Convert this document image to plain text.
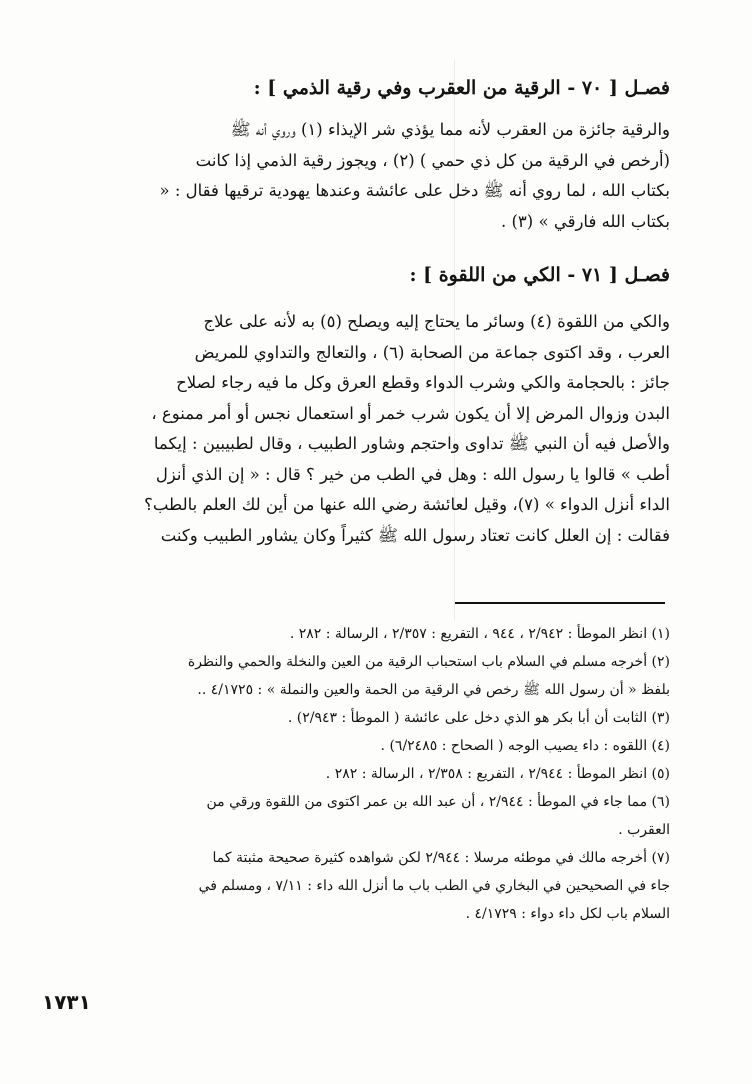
فصـل [ ٧٠ - الرقية من العقرب وفي رقية الذمي ] :
والرقية جائزة من العقرب لأنه مما يؤذي شر الإيذاء (١) وروي أنه ﷺ
(أرخص في الرقية من كل ذي حمي ) (٢) ، ويجوز رقية الذمي إذا كانت
بكتاب الله ، لما روي أنه ﷺ دخل على عائشة وعندها يهودية ترقيها فقال : «
بكتاب الله فارقي » (٣) .
فصـل [ ٧١ - الكي من اللقوة ] :
والكي من اللقوة (٤) وسائر ما يحتاج إليه ويصلح (٥) به لأنه على علاج
العرب ، وقد اكتوى جماعة من الصحابة (٦) ، والتعالج والتداوي للمريض
جائز : بالحجامة والكي وشرب الدواء وقطع العرق وكل ما فيه رجاء لصلاح
البدن وزوال المرض إلا أن يكون شرب خمر أو استعمال نجس أو أمر ممنوع ،
والأصل فيه أن النبي ﷺ تداوى واحتجم وشاور الطبيب ، وقال لطبيبين : إيكما
أطب » قالوا يا رسول الله : وهل في الطب من خير ؟ قال : « إن الذي أنزل
الداء أنزل الدواء » (٧)، وقيل لعائشة رضي الله عنها من أين لك العلم بالطب؟
فقالت : إن العلل كانت تعتاد رسول الله ﷺ كثيراً وكان يشاور الطبيب وكنت
(١) انظر الموطأ : ٢/٩٤٢ ، ٩٤٤ ، التفريع : ٢/٣٥٧ ، الرسالة : ٢٨٢ .
(٢) أخرجه مسلم في السلام باب استحباب الرقية من العين والنخلة والحمي والنظرة
بلفظ « أن رسول الله ﷺ رخص في الرقية من الحمة والعين والنملة » : ٤/١٧٢٥ ..
(٣) الثابت أن أبا بكر هو الذي دخل على عائشة ( الموطأ : ٢/٩٤٣) .
(٤) اللقوه : داء يصيب الوجه ( الصحاح : ٦/٢٤٨٥) .
(٥) انظر الموطأ : ٢/٩٤٤ ، التفريع : ٢/٣٥٨ ، الرسالة : ٢٨٢ .
(٦) مما جاء في الموطأ : ٢/٩٤٤ ، أن عبد الله بن عمر اكتوى من اللقوة ورقي من
العقرب .
(٧) أخرجه مالك في موطئه مرسلا : ٢/٩٤٤ لكن شواهده كثيرة صحيحة مثبتة كما
جاء في الصحيحين في البخاري في الطب باب ما أنزل الله داء : ٧/١١ ، ومسلم في
السلام باب لكل داء دواء : ٤/١٧٢٩ .
١٧٣١
